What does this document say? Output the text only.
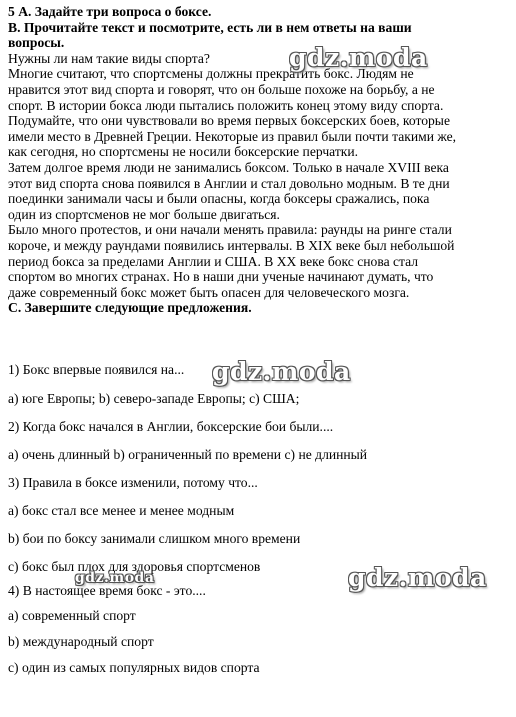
5 А. Задайте три вопроса о боксе.
В. Прочитайте текст и посмотрите, есть ли в нем ответы на ваши
вопросы.
Нужны ли нам такие виды спорта?
Многие считают, что спортсмены должны прекратить бокс. Людям не
нравится этот вид спорта и говорят, что он больше похоже на борьбу, а не
спорт. В истории бокса люди пытались положить конец этому виду спорта.
Подумайте, что они чувствовали во время первых боксерских боев, которые
имели место в Древней Греции. Некоторые из правил были почти такими же,
как сегодня, но спортсмены не носили боксерские перчатки.
Затем долгое время люди не занимались боксом. Только в начале XVIII века
этот вид спорта снова появился в Англии и стал довольно модным. В те дни
поединки занимали часы и были опасны, когда боксеры сражались, пока
один из спортсменов не мог больше двигаться.
Было много протестов, и они начали менять правила: раунды на ринге стали
короче, и между раундами появились интервалы. В XIX веке был небольшой
период бокса за пределами Англии и США. В XX веке бокс снова стал
спортом во многих странах. Но в наши дни ученые начинают думать, что
даже современный бокс может быть опасен для человеческого мозга.
С. Завершите следующие предложения.
1) Бокс впервые появился на...
а) юге Европы; b) северо-западе Европы; с) США;
2) Когда бокс начался в Англии, боксерские бои были....
а) очень длинный b) ограниченный по времени с) не длинный
3) Правила в боксе изменили, потому что...
а) бокс стал все менее и менее модным
b) бои по боксу занимали слишком много времени
с) бокс был плох для здоровья спортсменов
4) В настоящее время бокс - это....
а) современный спорт
b) международный спорт
с) один из самых популярных видов спорта
gdz.moda
gdz.moda
gdz.moda
gdz.moda
